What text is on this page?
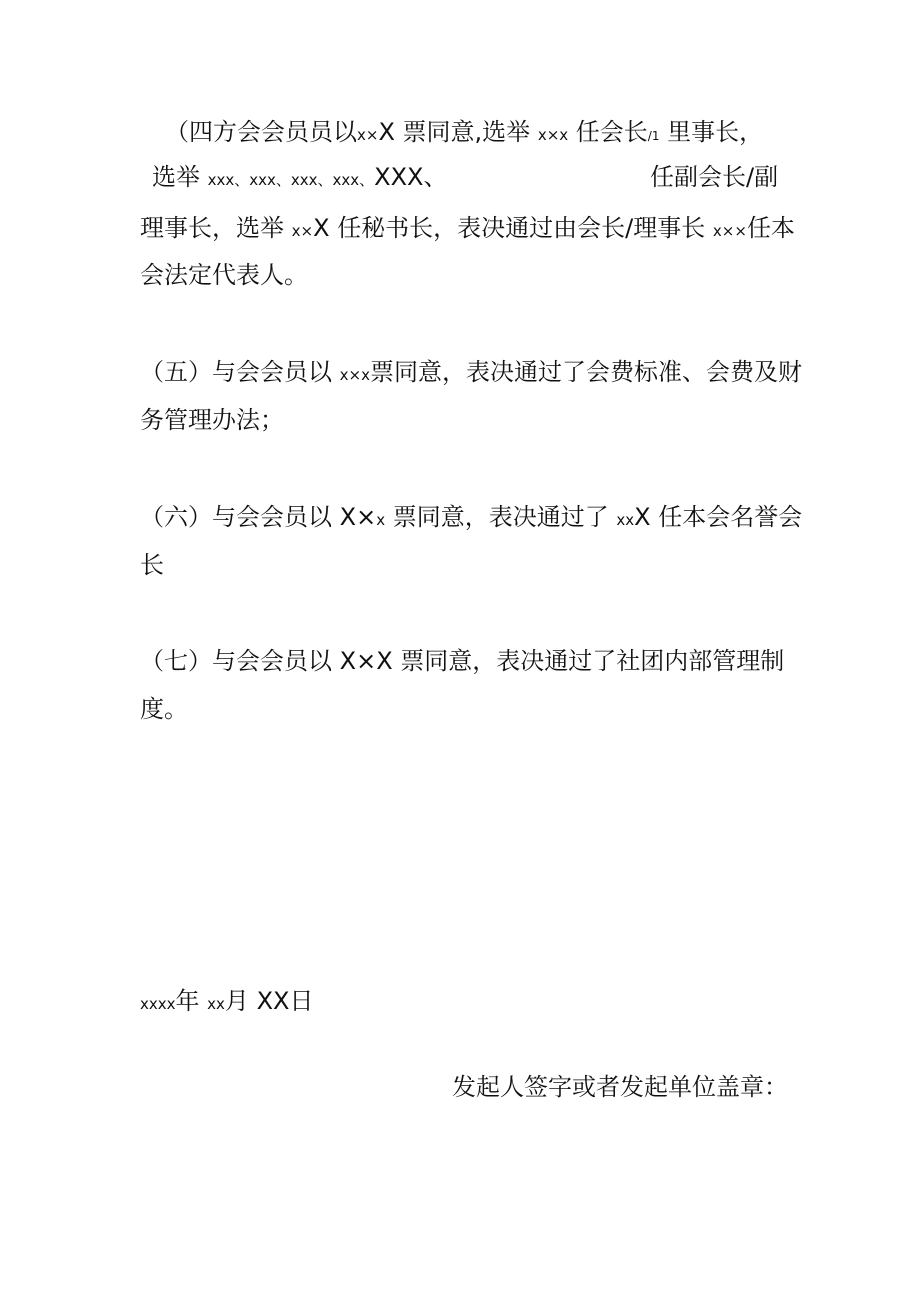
（四方会会员员以x×X 票同意,选举 x×x 任会长/1 里事长，
选举 xxx、xxx、xxx、xxx、XXX、	任副会长/副
理事长，选举 x×X 任秘书长，表决通过由会长/理事长 x××任本
会法定代表人。
（五）与会会员以 x×x票同意，表决通过了会费标准、会费及财
务管理办法；
（六）与会会员以 X×x 票同意，表决通过了 xxX 任本会名誉会
长
（七）与会会员以 X×X 票同意，表决通过了社团内部管理制
度。
xxxx年 xx月 XX日
发起人签字或者发起单位盖章：
